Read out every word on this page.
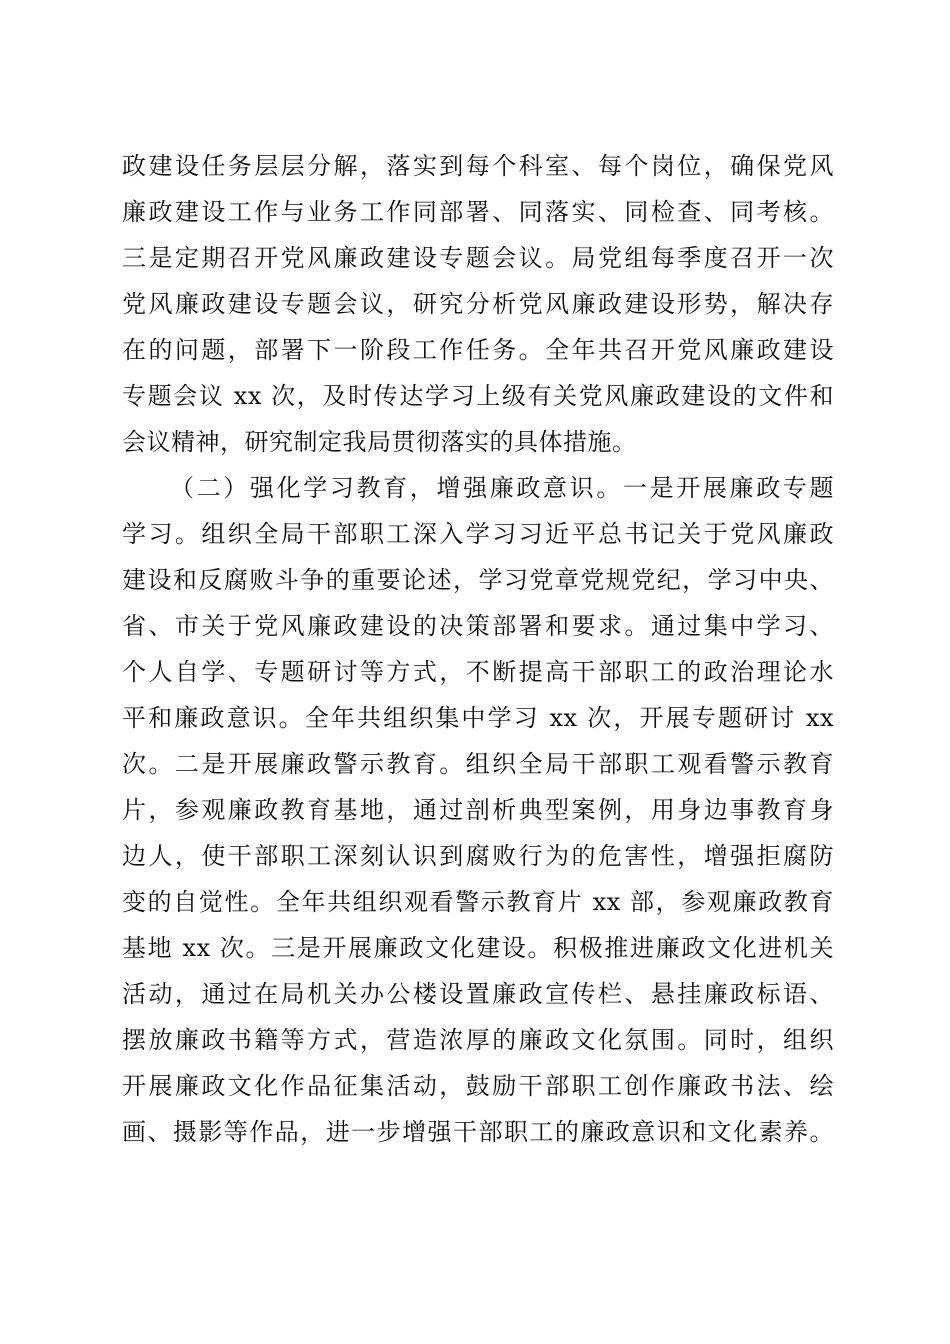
政建设任务层层分解，落实到每个科室、每个岗位，确保党风
廉政建设工作与业务工作同部署、同落实、同检查、同考核。
三是定期召开党风廉政建设专题会议。局党组每季度召开一次
党风廉政建设专题会议，研究分析党风廉政建设形势，解决存
在的问题，部署下一阶段工作任务。全年共召开党风廉政建设
专题会议 xx 次，及时传达学习上级有关党风廉政建设的文件和
会议精神，研究制定我局贯彻落实的具体措施。
（二）强化学习教育，增强廉政意识。一是开展廉政专题
学习。组织全局干部职工深入学习习近平总书记关于党风廉政
建设和反腐败斗争的重要论述，学习党章党规党纪，学习中央、
省、市关于党风廉政建设的决策部署和要求。通过集中学习、
个人自学、专题研讨等方式，不断提高干部职工的政治理论水
平和廉政意识。全年共组织集中学习 xx 次，开展专题研讨 xx
次。二是开展廉政警示教育。组织全局干部职工观看警示教育
片，参观廉政教育基地，通过剖析典型案例，用身边事教育身
边人，使干部职工深刻认识到腐败行为的危害性，增强拒腐防
变的自觉性。全年共组织观看警示教育片 xx 部，参观廉政教育
基地 xx 次。三是开展廉政文化建设。积极推进廉政文化进机关
活动，通过在局机关办公楼设置廉政宣传栏、悬挂廉政标语、
摆放廉政书籍等方式，营造浓厚的廉政文化氛围。同时，组织
开展廉政文化作品征集活动，鼓励干部职工创作廉政书法、绘
画、摄影等作品，进一步增强干部职工的廉政意识和文化素养。
